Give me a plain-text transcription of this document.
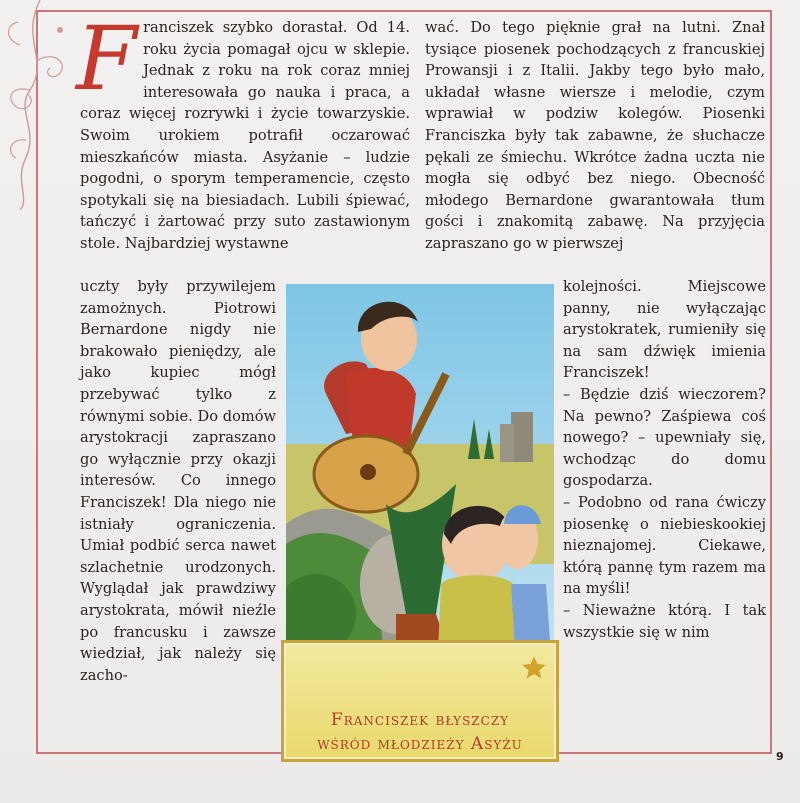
Franciszek szybko dorastał. Od 14. roku życia pomagał ojcu w sklepie. Jednak z roku na rok coraz mniej interesowała go nauka i praca, a coraz więcej rozrywki i życie towarzyskie. Swoim urokiem potrafił oczarować mieszkańców miasta. Asyżanie – ludzie pogodni, o sporym temperamencie, często spotykali się na biesiadach. Lubili śpiewać, tańczyć i żartować przy suto zastawionym stole. Najbardziej wystawne

uczty były przywilejem zamożnych. Piotrowi Bernardone nigdy nie brakowało pieniędzy, ale jako kupiec mógł przebywać tylko z równymi sobie. Do domów arystokracji zapraszano go wyłącznie przy okazji interesów. Co innego Franciszek! Dla niego nie istniały ograniczenia. Umiał podbić serca nawet szlachetnie urodzonych. Wyglądał jak prawdziwy arystokrata, mówił nieźle po francusku i zawsze wiedział, jak należy się zacho-

wać. Do tego pięknie grał na lutni. Znał tysiące piosenek pochodzących z francuskiej Prowansji i z Italii. Jakby tego było mało, układał własne wiersze i melodie, czym wprawiał w podziw kolegów. Piosenki Franciszka były tak zabawne, że słuchacze pękali ze śmiechu. Wkrótce żadna uczta nie mogła się odbyć bez niego. Obecność młodego Bernardone gwarantowała tłum gości i znakomitą zabawę. Na przyjęcia zapraszano go w pierwszej

kolejności. Miejscowe panny, nie wyłączając arystokratek, rumieniły się na sam dźwięk imienia Franciszek!

– Będzie dziś wieczorem? Na pewno? Zaśpiewa coś nowego? – upewniały się, wchodząc do domu gospodarza.

– Podobno od rana ćwiczy piosenkę o niebieskookiej nieznajomej. Ciekawe, którą pannę tym razem ma na myśli!

– Nieważne którą. I tak wszystkie się w nim

Franciszek błyszczy
wśród młodzieży Asyżu
9
